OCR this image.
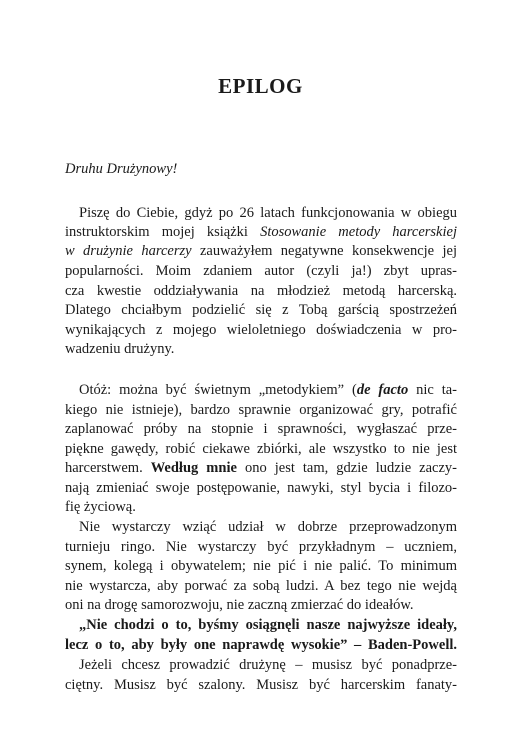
EPILOG

Druhu Drużynowy!

Piszę do Ciebie, gdyż po 26 latach funkcjonowania w obiegu
instruktorskim mojej książki Stosowanie metody harcerskiej
w drużynie harcerzy zauważyłem negatywne konsekwencje jej
popularności. Moim zdaniem autor (czyli ja!) zbyt upras-
cza kwestie oddziaływania na młodzież metodą harcerską.
Dlatego chciałbym podzielić się z Tobą garścią spostrzeżeń
wynikających z mojego wieloletniego doświadczenia w pro-
wadzeniu drużyny.
Otóż: można być świetnym „metodykiem” (de facto nic ta-
kiego nie istnieje), bardzo sprawnie organizować gry, potrafić
zaplanować próby na stopnie i sprawności, wygłaszać prze-
piękne gawędy, robić ciekawe zbiórki, ale wszystko to nie jest
harcerstwem. Według mnie ono jest tam, gdzie ludzie zaczy-
nają zmieniać swoje postępowanie, nawyki, styl bycia i filozo-
fię życiową.
Nie wystarczy wziąć udział w dobrze przeprowadzonym
turnieju ringo. Nie wystarczy być przykładnym – uczniem,
synem, kolegą i obywatelem; nie pić i nie palić. To minimum
nie wystarcza, aby porwać za sobą ludzi. A bez tego nie wejdą
oni na drogę samorozwoju, nie zaczną zmierzać do ideałów.
„Nie chodzi o to, byśmy osiągnęli nasze najwyższe ideały,
lecz o to, aby były one naprawdę wysokie” – Baden-Powell.
Jeżeli chcesz prowadzić drużynę – musisz być ponadprze-
ciętny. Musisz być szalony. Musisz być harcerskim fanaty-
